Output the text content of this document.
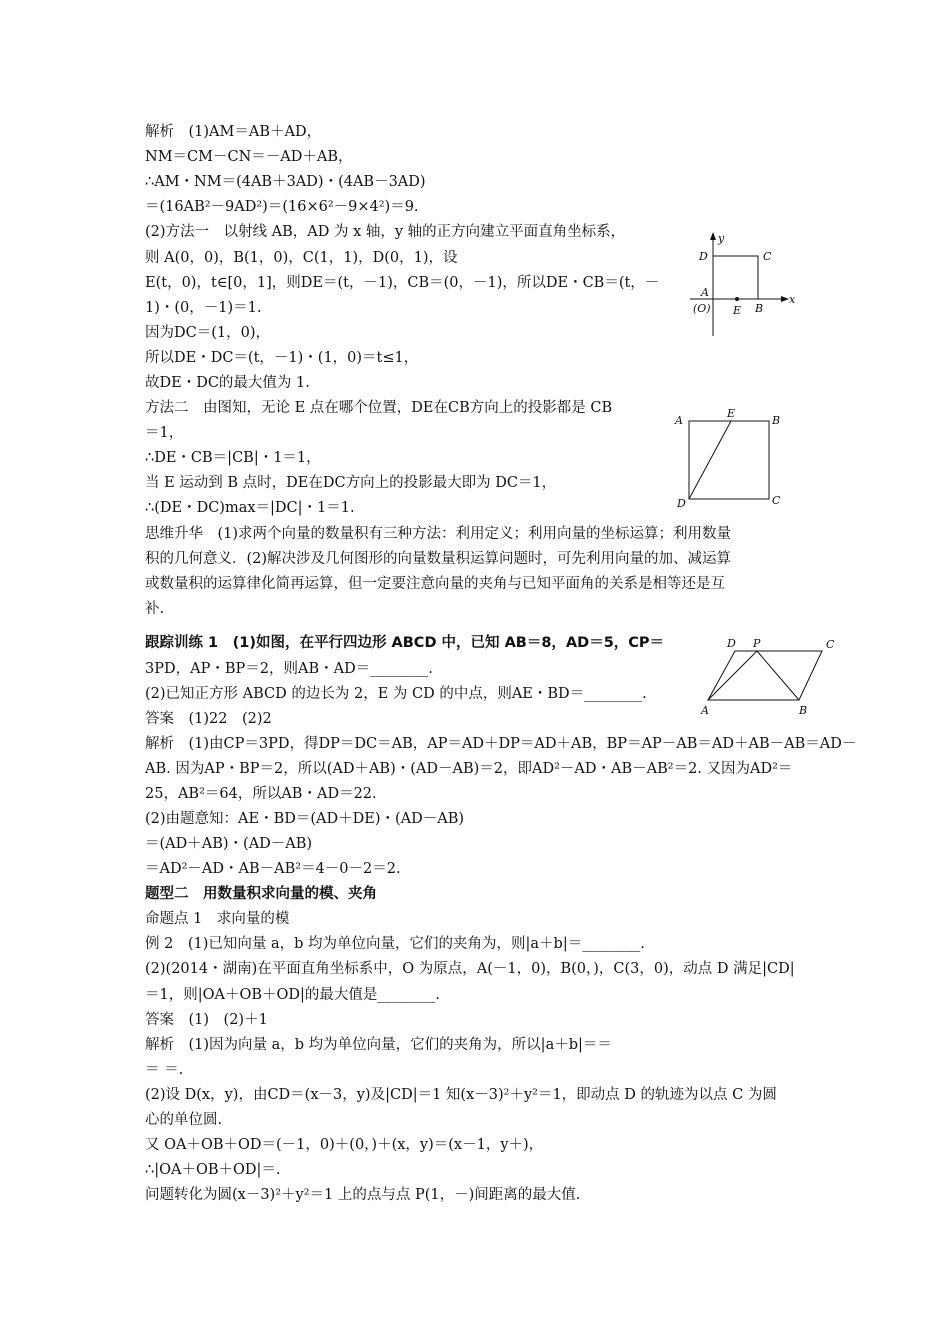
解析　(1)AM＝AB＋AD，
NM＝CM－CN＝－AD＋AB，
∴AM・NM＝(4AB＋3AD)・(4AB－3AD)
＝(16AB²－9AD²)＝(16×6²－9×4²)＝9.
(2)方法一　以射线 AB，AD 为 x 轴，y 轴的正方向建立平面直角坐标系，
则 A(0，0)，B(1，0)，C(1，1)，D(0，1)，设
E(t，0)，t∈[0，1]，则DE＝(t，－1)，CB＝(0，－1)，所以DE・CB＝(t，－
1)・(0，－1)＝1.
因为DC＝(1，0)，
所以DE・DC＝(t，－1)・(1，0)＝t≤1，
故DE・DC的最大值为 1.
方法二　由图知，无论 E 点在哪个位置，DE在CB方向上的投影都是 CB
＝1，
∴DE・CB＝|CB|・1＝1，
当 E 运动到 B 点时，DE在DC方向上的投影最大即为 DC＝1，
∴(DE・DC)max＝|DC|・1＝1.
思维升华　(1)求两个向量的数量积有三种方法：利用定义；利用向量的坐标运算；利用数量
积的几何意义．(2)解决涉及几何图形的向量数量积运算问题时，可先利用向量的加、减运算
或数量积的运算律化简再运算，但一定要注意向量的夹角与已知平面角的关系是相等还是互
补.
跟踪训练 1　(1)如图，在平行四边形 ABCD 中，已知 AB＝8，AD＝5，CP＝
3PD，AP・BP＝2，则AB・AD＝________.
(2)已知正方形 ABCD 的边长为 2，E 为 CD 的中点，则AE・BD＝________.
答案　(1)22　(2)2
解析　(1)由CP＝3PD，得DP＝DC＝AB，AP＝AD＋DP＝AD＋AB，BP＝AP－AB＝AD＋AB－AB＝AD－
AB. 因为AP・BP＝2，所以(AD＋AB)・(AD－AB)＝2，即AD²－AD・AB－AB²＝2. 又因为AD²＝
25，AB²＝64，所以AB・AD＝22.
(2)由题意知：AE・BD＝(AD＋DE)・(AD－AB)
＝(AD＋AB)・(AD－AB)
＝AD²－AD・AB－AB²＝4－0－2＝2.
题型二　用数量积求向量的模、夹角
命题点 1　求向量的模
例 2　(1)已知向量 a，b 均为单位向量，它们的夹角为，则|a＋b|＝________.
(2)(2014・湖南)在平面直角坐标系中，O 为原点，A(－1，0)，B(0，)，C(3，0)，动点 D 满足|CD|
＝1，则|OA＋OB＋OD|的最大值是________.
答案　(1)　(2)＋1
解析　(1)因为向量 a，b 均为单位向量，它们的夹角为，所以|a＋b|＝＝
＝ ＝.
(2)设 D(x，y)，由CD＝(x－3，y)及|CD|＝1 知(x－3)²＋y²＝1，即动点 D 的轨迹为以点 C 为圆
心的单位圆.
又 OA＋OB＋OD＝(－1，0)＋(0，)＋(x，y)＝(x－1，y＋)，
∴|OA＋OB＋OD|＝.
问题转化为圆(x－3)²＋y²＝1 上的点与点 P(1，－)间距离的最大值.
y
x
D	C
A
(O) E B
A
E
B
D	C
D P	C
A	B
